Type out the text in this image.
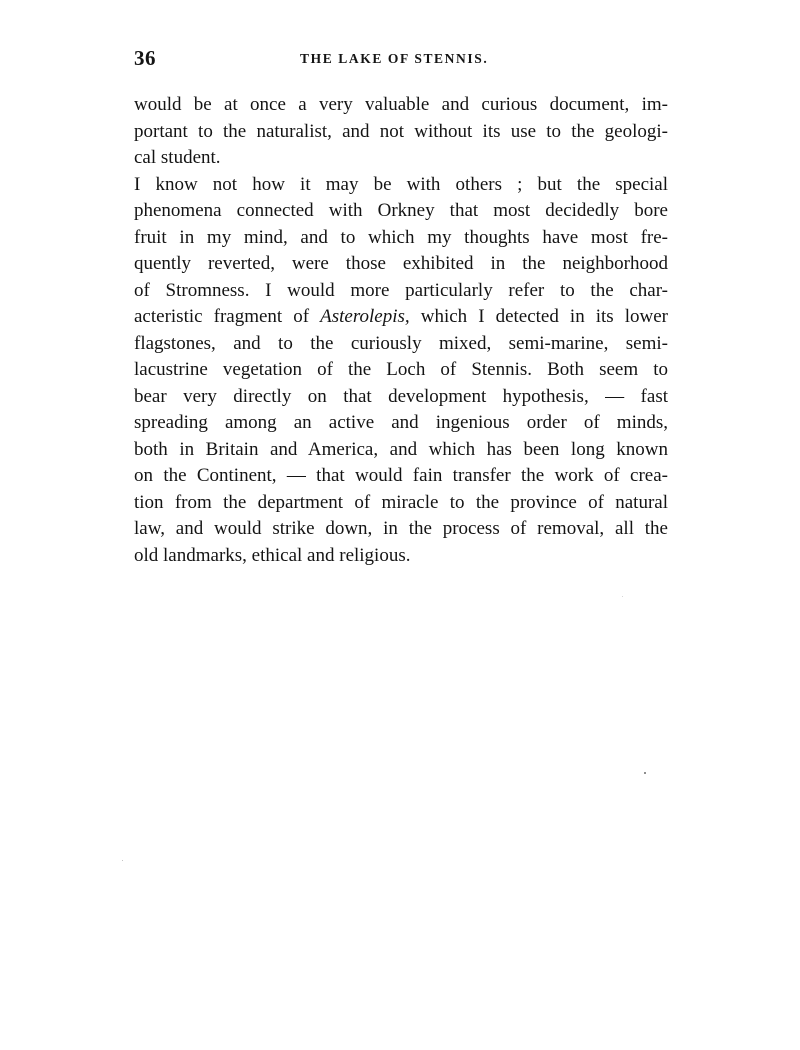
36	THE LAKE OF STENNIS.
would be at once a very valuable and curious document, im-
portant to the naturalist, and not without its use to the geologi-
cal student.
I know not how it may be with others ; but the special
phenomena connected with Orkney that most decidedly bore
fruit in my mind, and to which my thoughts have most fre-
quently reverted, were those exhibited in the neighborhood
of Stromness. I would more particularly refer to the char-
acteristic fragment of Asterolepis, which I detected in its lower
flagstones, and to the curiously mixed, semi-marine, semi-
lacustrine vegetation of the Loch of Stennis. Both seem to
bear very directly on that development hypothesis, — fast
spreading among an active and ingenious order of minds,
both in Britain and America, and which has been long known
on the Continent, — that would fain transfer the work of crea-
tion from the department of miracle to the province of natural
law, and would strike down, in the process of removal, all the
old landmarks, ethical and religious.
